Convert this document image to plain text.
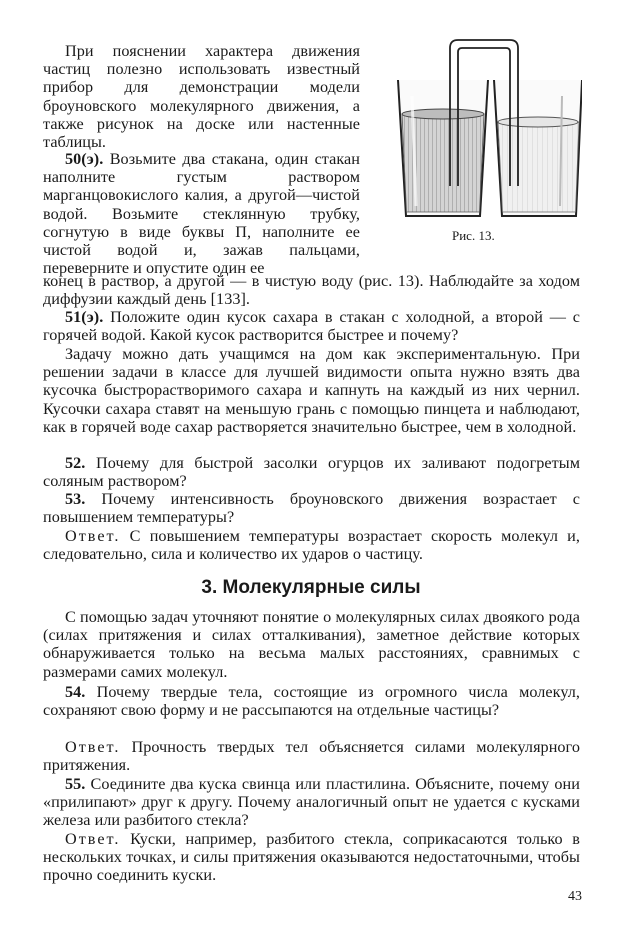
Рис. 13.

При пояснении характера движения частиц полезно использовать известный прибор для демонстрации модели броуновского молекулярного движения, а также рисунок на доске или настенные таблицы.

50(э). Возьмите два стакана, один стакан наполните густым раствором марганцовокислого калия, а другой—чистой водой. Возьмите стеклянную трубку, согнутую в виде буквы П, наполните ее чистой водой и, зажав пальцами, переверните и опустите один ее

конец в раствор, а другой — в чистую воду (рис. 13). Наблюдайте за ходом диффузии каждый день [133].

51(э). Положите один кусок сахара в стакан с холодной, а второй — с горячей водой. Какой кусок растворится быстрее и почему?

Задачу можно дать учащимся на дом как экспериментальную. При решении задачи в классе для лучшей видимости опыта нужно взять два кусочка быстрорастворимого сахара и капнуть на каждый из них чернил. Кусочки сахара ставят на меньшую грань с помощью пинцета и наблюдают, как в горячей воде сахар растворяется значительно быстрее, чем в холодной.

52. Почему для быстрой засолки огурцов их заливают подогретым соляным раствором?

53. Почему интенсивность броуновского движения возрастает с повышением температуры?

Ответ. С повышением температуры возрастает скорость молекул и, следовательно, сила и количество их ударов о частицу.

3. Молекулярные силы

С помощью задач уточняют понятие о молекулярных силах двоякого рода (силах притяжения и силах отталкивания), заметное действие которых обнаруживается только на весьма малых расстояниях, сравнимых с размерами самих молекул.

54. Почему твердые тела, состоящие из огромного числа молекул, сохраняют свою форму и не рассыпаются на отдельные частицы?

Ответ. Прочность твердых тел объясняется силами молекулярного притяжения.

55. Соедините два куска свинца или пластилина. Объясните, почему они «прилипают» друг к другу. Почему аналогичный опыт не удается с кусками железа или разбитого стекла?

Ответ. Куски, например, разбитого стекла, соприкасаются только в нескольких точках, и силы притяжения оказываются недостаточными, чтобы прочно соединить куски.

43
